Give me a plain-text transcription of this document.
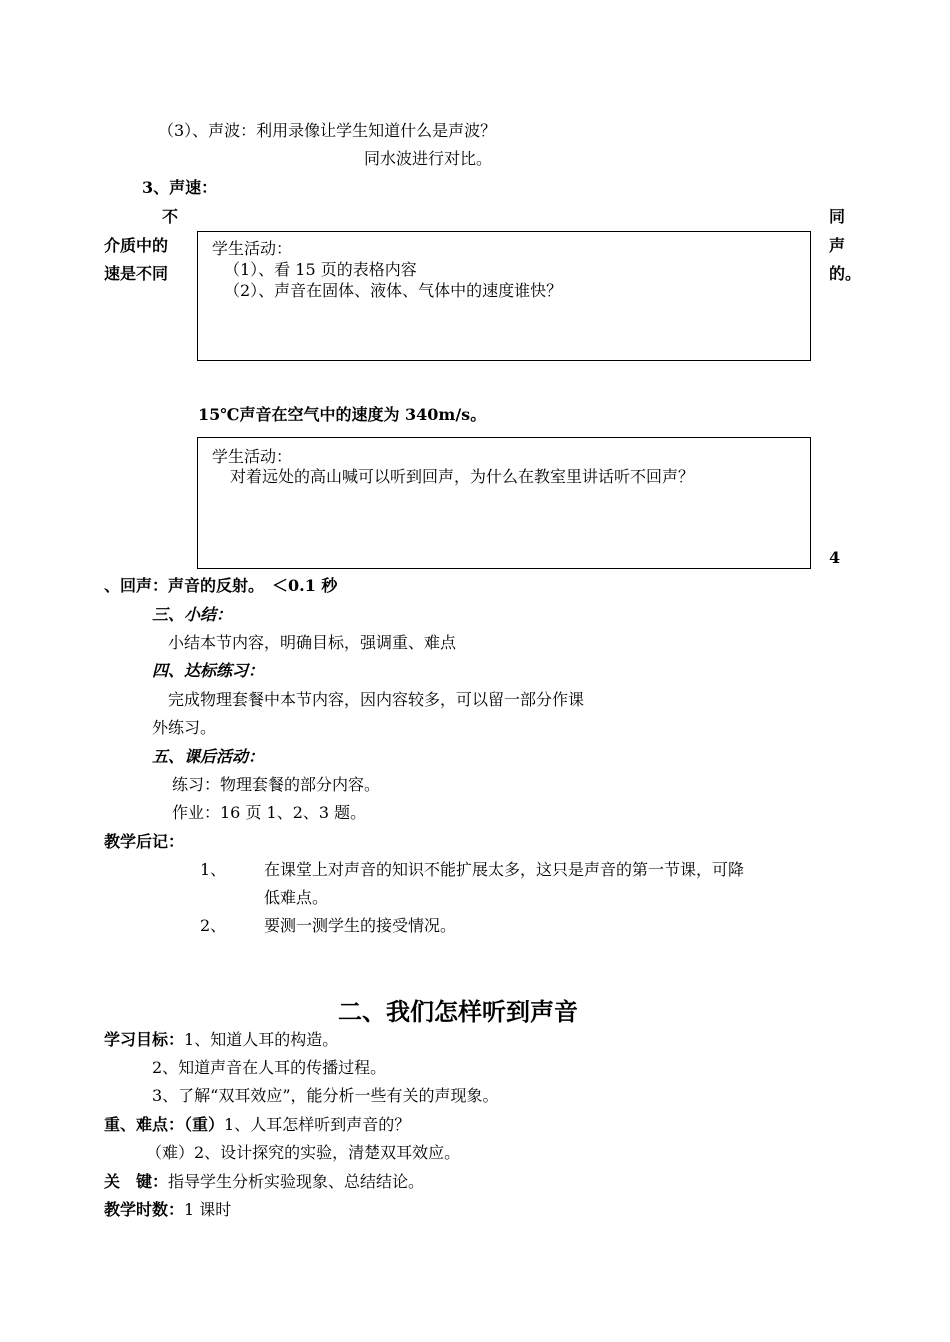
（3）、声波：利用录像让学生知道什么是声波？
同水波进行对比。
3、声速：
不
介质中的
速是不同
同
声
的。
学生活动：
（1）、看 15 页的表格内容
（2）、声音在固体、液体、气体中的速度谁快？
15℃声音在空气中的速度为 340m/s。
学生活动：
对着远处的高山喊可以听到回声，为什么在教室里讲话听不回声？
4
、回声：声音的反射。　＜0.1 秒
三、小结：
小结本节内容，明确目标，强调重、难点
四、达标练习：
完成物理套餐中本节内容，因内容较多，可以留一部分作课
外练习。
五、课后活动：
练习：物理套餐的部分内容。
作业：16 页 1、2、3 题。
教学后记：
1、 在课堂上对声音的知识不能扩展太多，这只是声音的第一节课，可降
低难点。
2、 要测一测学生的接受情况。
二、我们怎样听到声音
学习目标：1、知道人耳的构造。
2、知道声音在人耳的传播过程。
3、了解“双耳效应”，能分析一些有关的声现象。
重、难点：（重）1、人耳怎样听到声音的？
（难）2、设计探究的实验，清楚双耳效应。
关　键：指导学生分析实验现象、总结结论。
教学时数：1 课时
